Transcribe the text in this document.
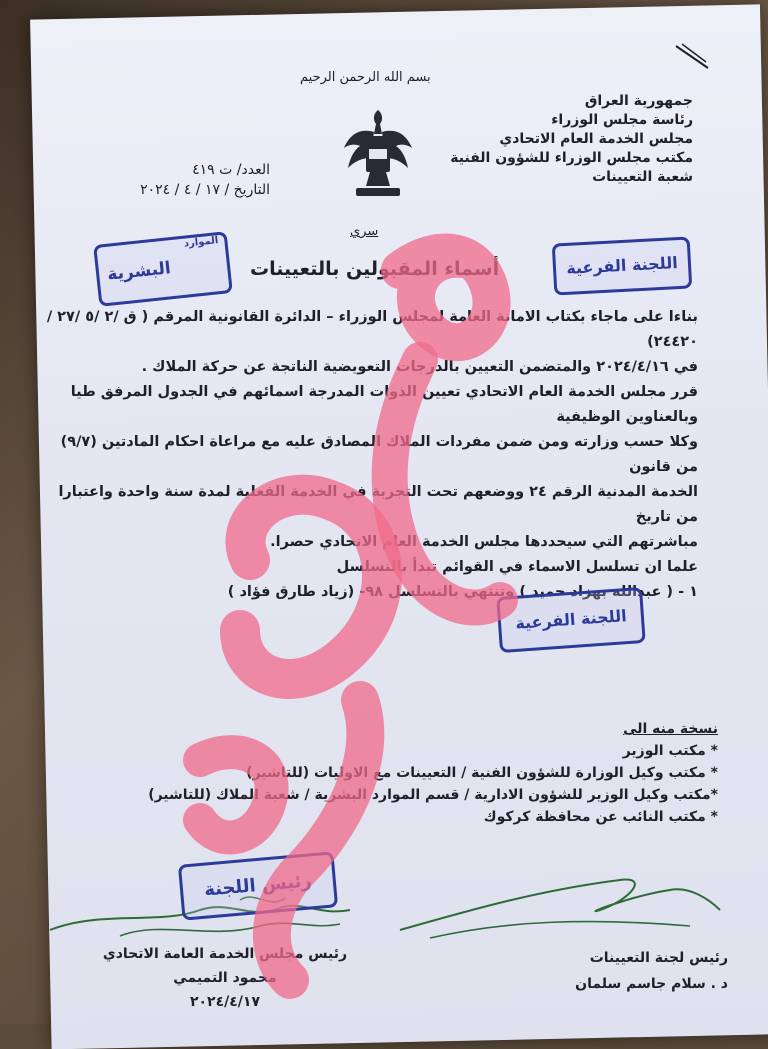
بسم الله الرحمن الرحيم
جمهورية العراق
رئاسة مجلس الوزراء
مجلس الخدمة العام الاتحادي
مكتب مجلس الوزراء للشؤون الفنية
شعبة التعيينات
العدد/ ت ٤١٩
التاريخ / ١٧ / ٤ / ٢٠٢٤
سري
أسماء المقبولين بالتعيينات

بناءا على ماجاء بكتاب الامانة العامة لمجلس الوزراء – الدائرة القانونية المرقم ( ق /٢ /٥ /٢٧ /٢٤٤٢٠)

في ٢٠٢٤/٤/١٦ والمتضمن التعيين بالدرجات التعويضية الناتجة عن حركة الملاك .

قرر مجلس الخدمة العام الاتحادي تعيين الذوات المدرجة اسمائهم في الجدول المرفق طيا وبالعناوين الوظيفية

وكلا حسب وزارته ومن ضمن مفردات الملاك المصادق عليه مع مراعاة احكام المادتين (٩/٧) من قانون

الخدمة المدنية الرقم ٢٤ ووضعهم تحت التجربة في الخدمة الفعلية لمدة سنة واحدة واعتبارا من تاريخ

مباشرتهم التي سيحددها مجلس الخدمة العام الاتحادي حصرا.

علما ان تسلسل الاسماء في القوائم تبدأ بالتسلسل

١ - ( عبدالله بهزاد حميد ) وتنتهي بالتسلسل ٩٨- (زياد طارق فؤاد )

نسخة منه الى
* مكتب الوزير
* مكتب وكيل الوزارة للشؤون الفنية / التعيينات مع الاوليات (للتاشير)
*مكتب وكيل الوزير للشؤون الادارية / قسم الموارد البشرية / شعبة الملاك (للتاشير)
* مكتب النائب عن محافظة كركوك
رئيس مجلس الخدمة العامة الاتحادي
محمود التميمي
٢٠٢٤/٤/١٧
رئيس لجنة التعيينات
د . سلام جاسم سلمان
الموارد
البشرية	اللجنة الفرعية
اللجنة الفرعية
رئيس اللجنة
